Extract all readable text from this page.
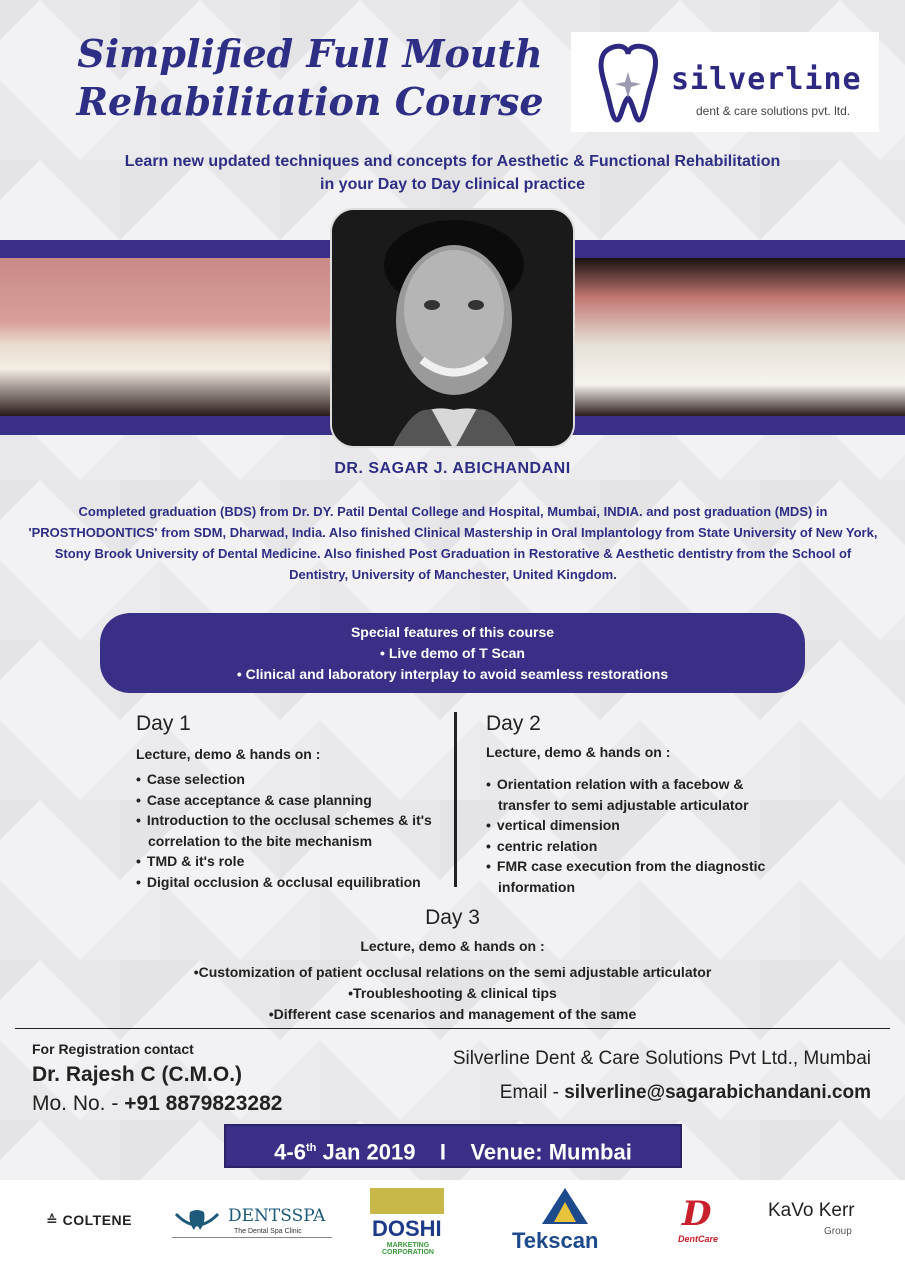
Simplified Full Mouth
Rehabilitation Course	silverline
dent & care solutions pvt. ltd.
Learn new updated techniques and concepts for Aesthetic & Functional Rehabilitation
in your Day to Day clinical practice
DR. SAGAR J. ABICHANDANI
Completed graduation (BDS) from Dr. DY. Patil Dental College and Hospital, Mumbai, INDIA. and post graduation (MDS) in 'PROSTHODONTICS' from SDM, Dharwad, India. Also finished Clinical Mastership in Oral Implantology from State University of New York, Stony Brook University of Dental Medicine. Also finished Post Graduation in Restorative & Aesthetic dentistry from the School of Dentistry, University of Manchester, United Kingdom.
Special features of this course
• Live demo of T Scan
• Clinical and laboratory interplay to avoid seamless restorations
Day 1
Lecture, demo & hands on :
• Case selection
• Case acceptance & case planning
• Introduction to the occlusal schemes & it's correlation to the bite mechanism
• TMD & it's role
• Digital occlusion & occlusal equilibration
Day 2
Lecture, demo & hands on :
• Orientation relation with a facebow & transfer to semi adjustable articulator
• vertical dimension
• centric relation
• FMR case execution from the diagnostic information
Day 3
Lecture, demo & hands on :
• Customization of patient occlusal relations on the semi adjustable articulator
• Troubleshooting & clinical tips
• Different case scenarios and management of the same
For Registration contact
Dr. Rajesh C (C.M.O.)
Mo. No. - +91 8879823282
Silverline Dent & Care Solutions Pvt Ltd., Mumbai
Email - silverline@sagarabichandani.com
4-6th Jan 2019 I Venue: Mumbai
≙ COLTENE	DENTSSPA
The Dental Spa Clinic	DOSHI
MARKETING CORPORATION	Tekscan
D
DentCare
KaVo Kerr
Group
